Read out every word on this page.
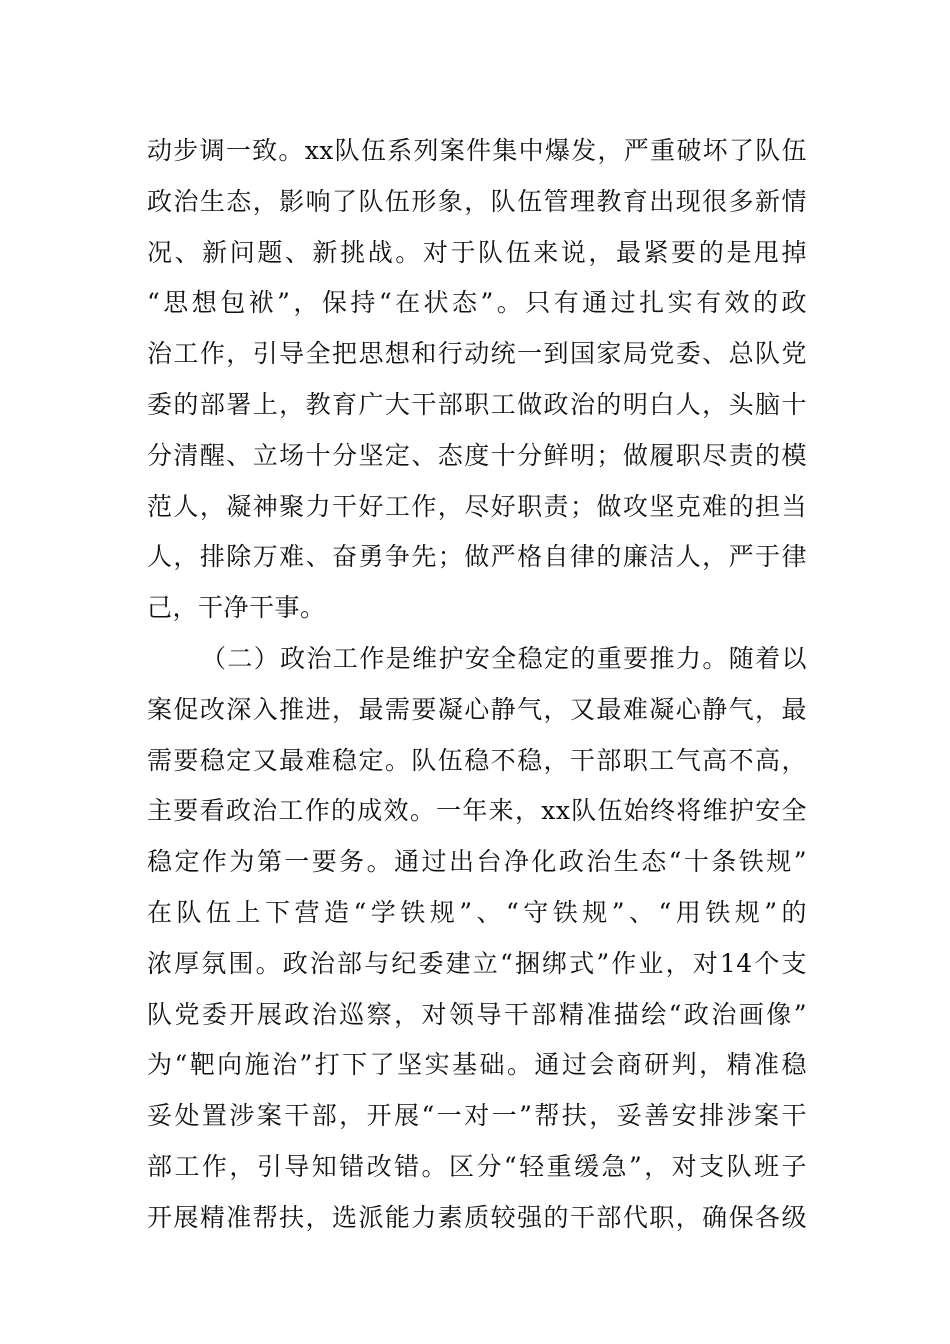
动步调一致。xx队伍系列案件集中爆发，严重破坏了队伍
政治生态，影响了队伍形象，队伍管理教育出现很多新情
况、新问题、新挑战。对于队伍来说，最紧要的是甩掉
“思想包袱”，保持“在状态”。只有通过扎实有效的政
治工作，引导全把思想和行动统一到国家局党委、总队党
委的部署上，教育广大干部职工做政治的明白人，头脑十
分清醒、立场十分坚定、态度十分鲜明；做履职尽责的模
范人，凝神聚力干好工作，尽好职责；做攻坚克难的担当
人，排除万难、奋勇争先；做严格自律的廉洁人，严于律
己，干净干事。
（二）政治工作是维护安全稳定的重要推力。随着以
案促改深入推进，最需要凝心静气，又最难凝心静气，最
需要稳定又最难稳定。队伍稳不稳，干部职工气高不高，
主要看政治工作的成效。一年来，xx队伍始终将维护安全
稳定作为第一要务。通过出台净化政治生态“十条铁规”
在队伍上下营造“学铁规”、“守铁规”、“用铁规”的
浓厚氛围。政治部与纪委建立“捆绑式”作业，对14个支
队党委开展政治巡察，对领导干部精准描绘“政治画像”
为“靶向施治”打下了坚实基础。通过会商研判，精准稳
妥处置涉案干部，开展“一对一”帮扶，妥善安排涉案干
部工作，引导知错改错。区分“轻重缓急”，对支队班子
开展精准帮扶，选派能力素质较强的干部代职，确保各级
